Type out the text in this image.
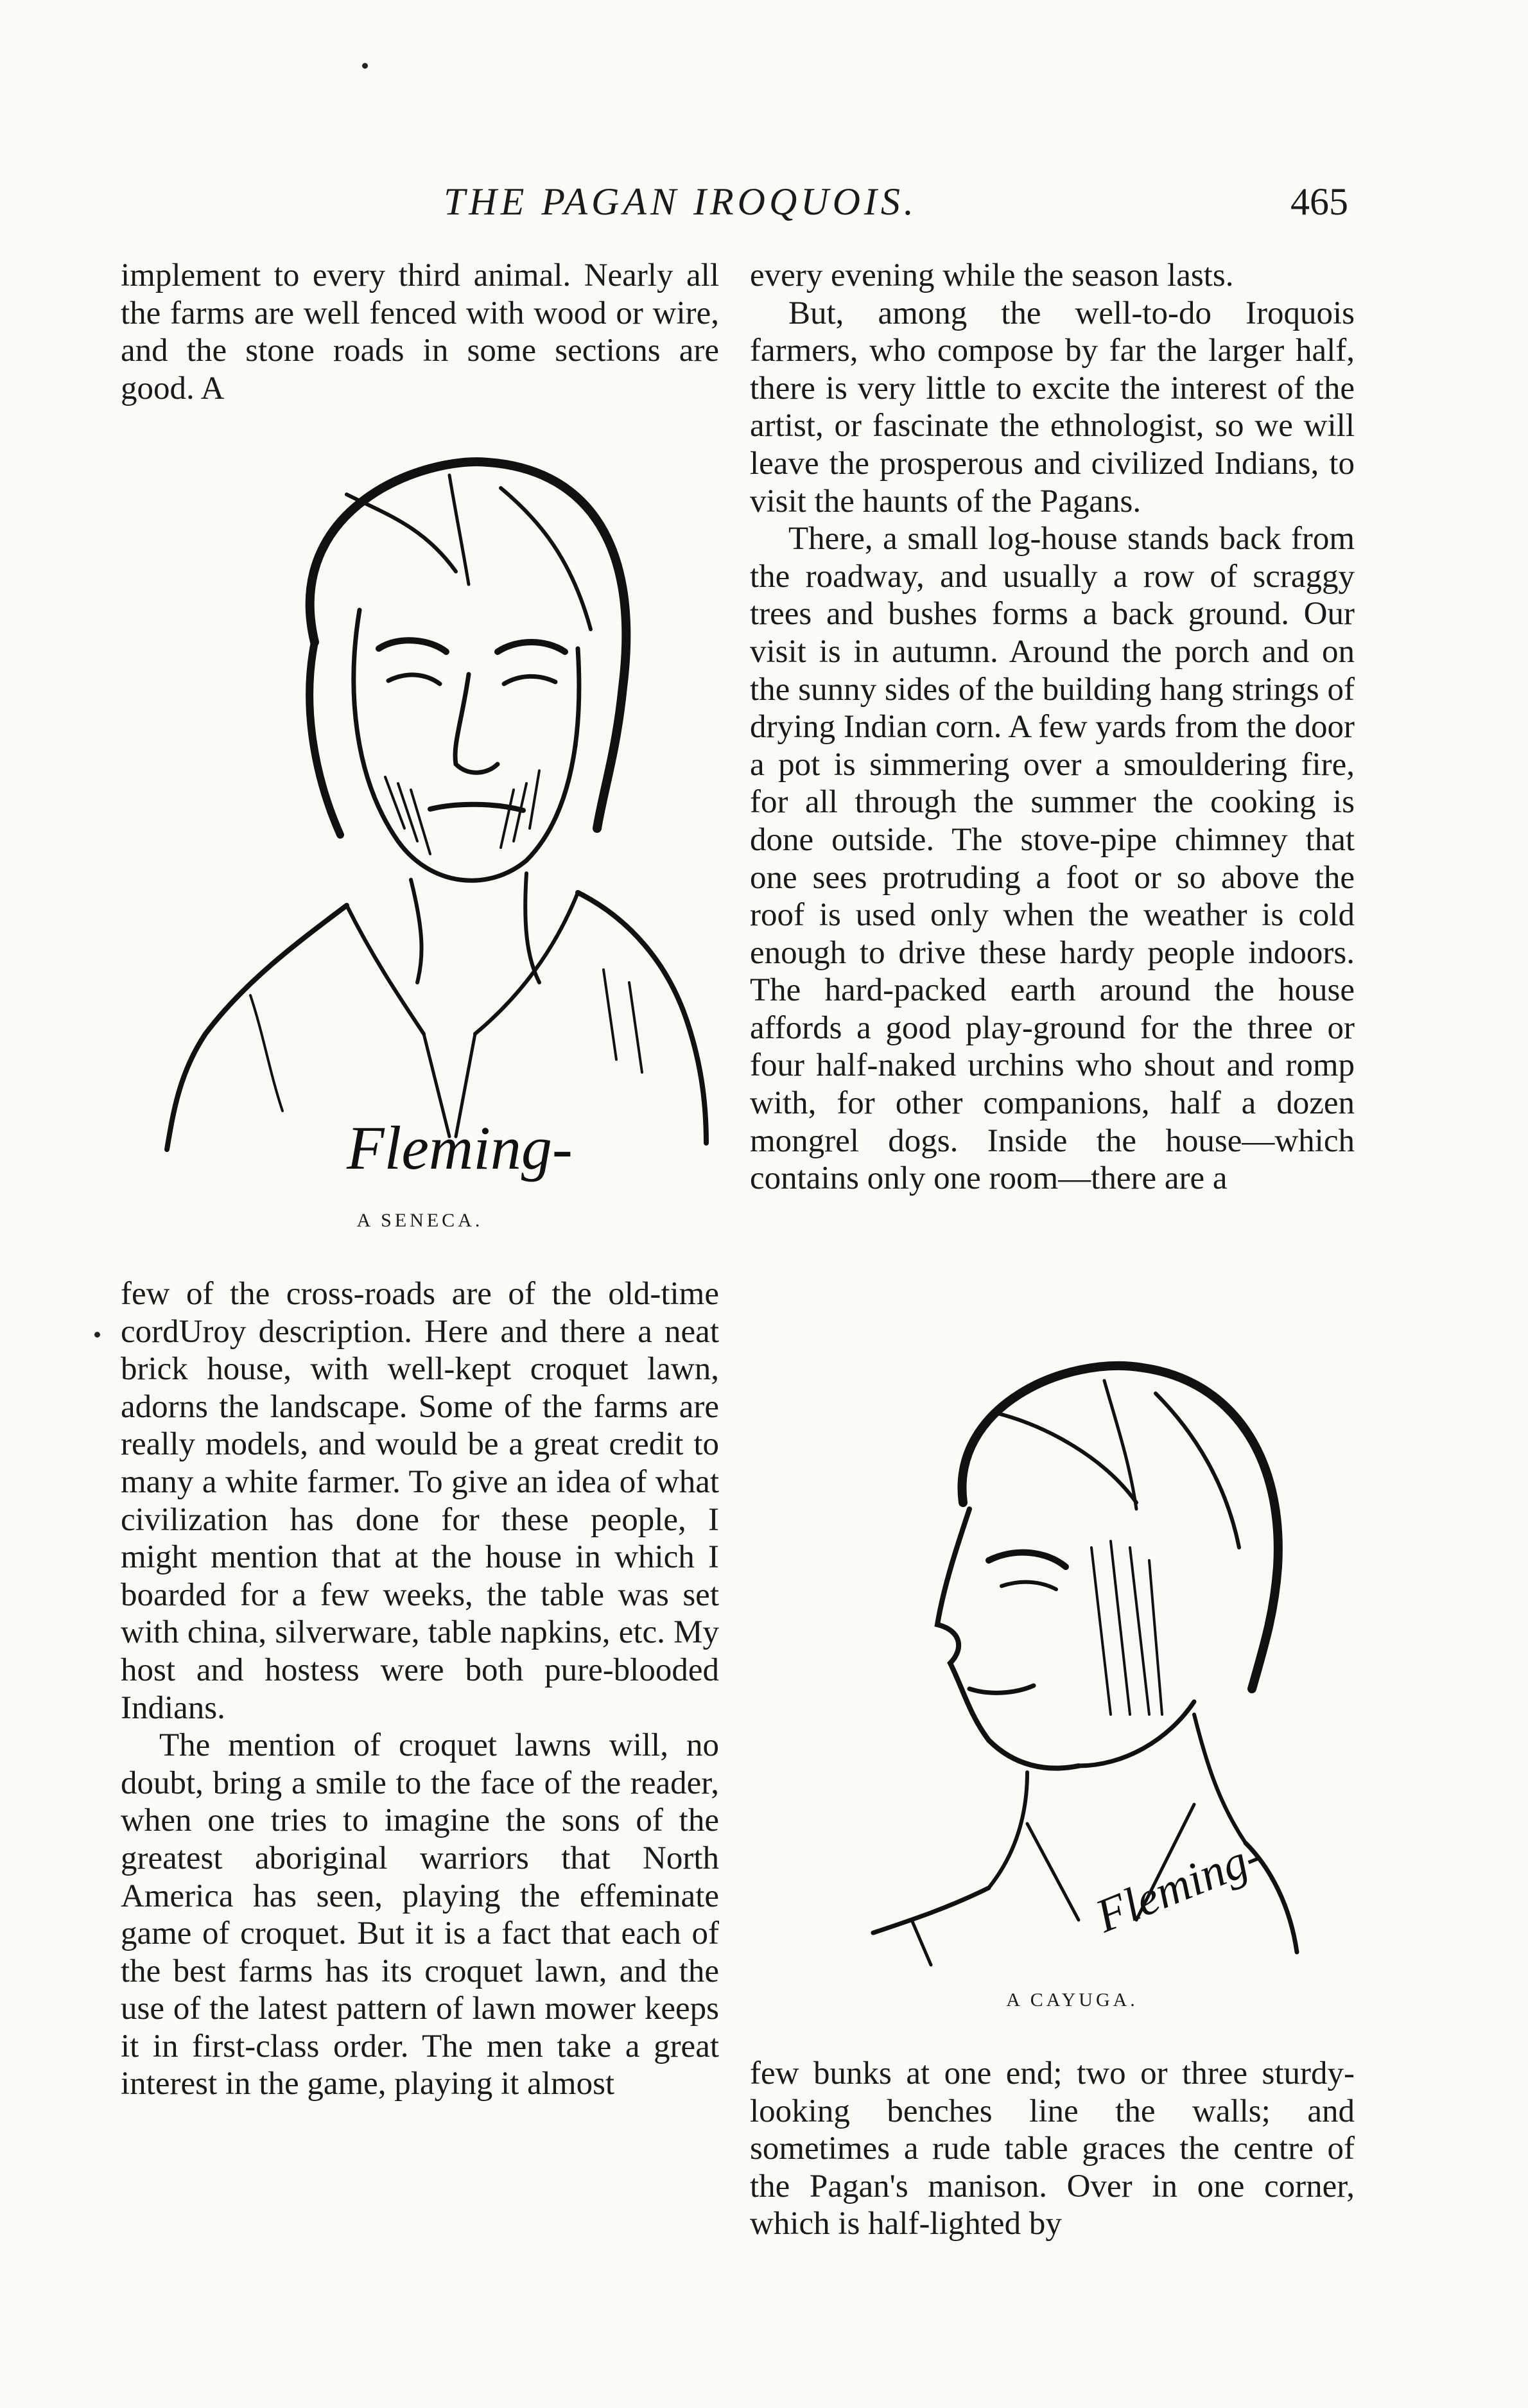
THE PAGAN IROQUOIS.	465

implement to every third animal. Nearly all the farms are well fenced with wood or wire, and the stone roads in some sections are good. A

Fleming-
A SENECA.

few of the cross-roads are of the old-time cordUroy description. Here and there a neat brick house, with well-kept croquet lawn, adorns the landscape. Some of the farms are really models, and would be a great credit to many a white farmer. To give an idea of what civilization has done for these people, I might mention that at the house in which I boarded for a few weeks, the table was set with china, silverware, table napkins, etc. My host and hostess were both pure-blooded Indians.

The mention of croquet lawns will, no doubt, bring a smile to the face of the reader, when one tries to imagine the sons of the greatest aboriginal warriors that North America has seen, playing the effeminate game of croquet. But it is a fact that each of the best farms has its croquet lawn, and the use of the latest pattern of lawn mower keeps it in first-class order. The men take a great interest in the game, playing it almost

every evening while the season lasts.

But, among the well-to-do Iroquois farmers, who compose by far the larger half, there is very little to excite the interest of the artist, or fascinate the ethnologist, so we will leave the prosperous and civilized Indians, to visit the haunts of the Pagans.

There, a small log-house stands back from the roadway, and usually a row of scraggy trees and bushes forms a back ground. Our visit is in autumn. Around the porch and on the sunny sides of the building hang strings of drying Indian corn. A few yards from the door a pot is simmering over a smouldering fire, for all through the summer the cooking is done outside. The stove-pipe chimney that one sees protruding a foot or so above the roof is used only when the weather is cold enough to drive these hardy people indoors. The hard-packed earth around the house affords a good play-ground for the three or four half-naked urchins who shout and romp with, for other companions, half a dozen mongrel dogs. Inside the house—which contains only one room—there are a

Fleming-
A CAYUGA.

few bunks at one end; two or three sturdy-looking benches line the walls; and sometimes a rude table graces the centre of the Pagan's manison. Over in one corner, which is half-lighted by
